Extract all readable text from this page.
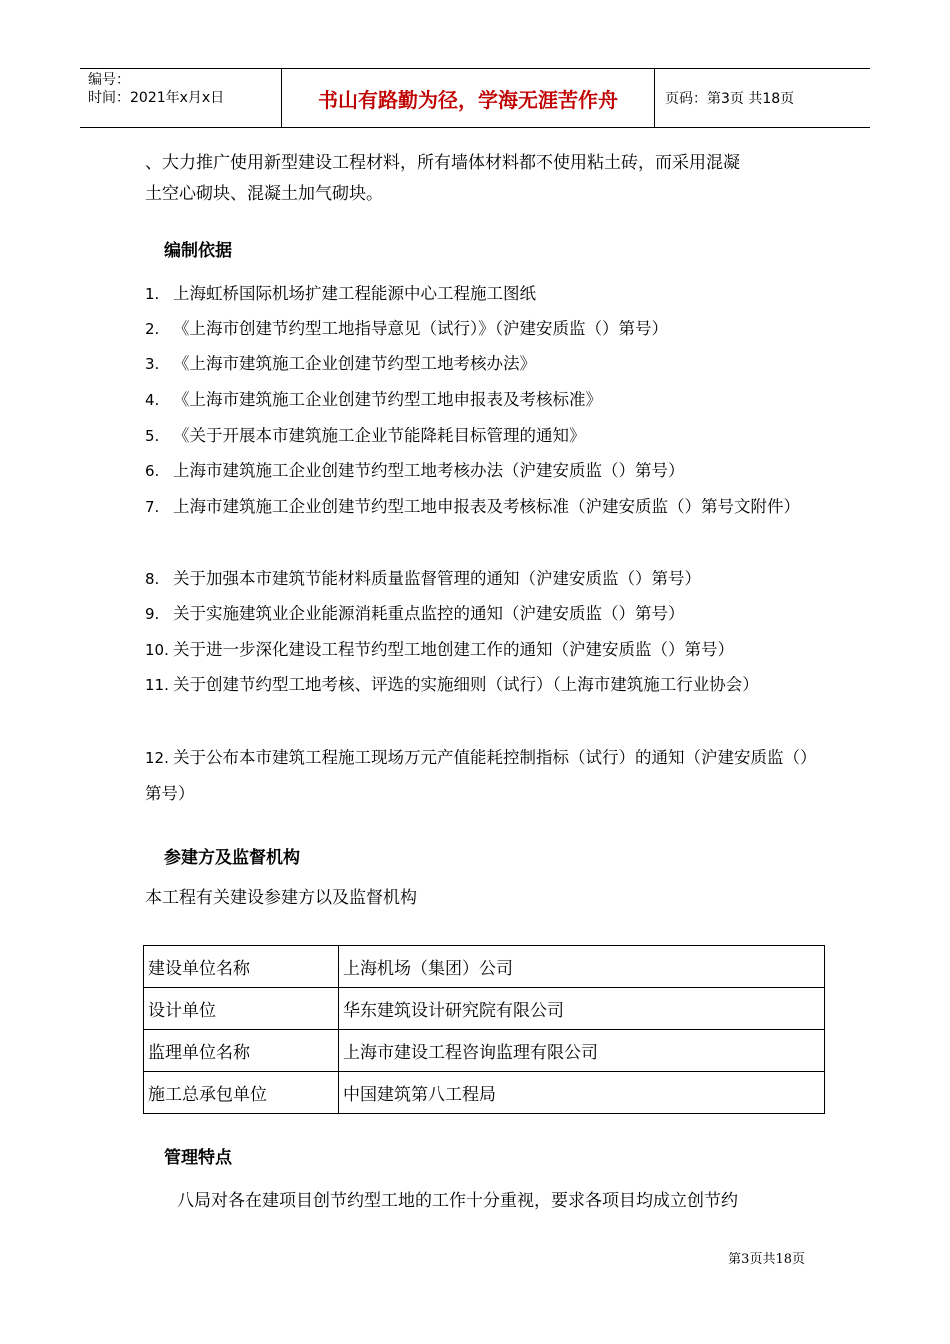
编号：
时间：2021年x月x日	书山有路勤为径，学海无涯苦作舟	页码：第3页 共18页
、大力推广使用新型建设工程材料，所有墙体材料都不使用粘土砖，而采用混凝
土空心砌块、混凝土加气砌块。
编制依据
1. 上海虹桥国际机场扩建工程能源中心工程施工图纸
2. 《上海市创建节约型工地指导意见（试行）》（沪建安质监（）第号）
3. 《上海市建筑施工企业创建节约型工地考核办法》
4. 《上海市建筑施工企业创建节约型工地申报表及考核标准》
5. 《关于开展本市建筑施工企业节能降耗目标管理的通知》
6. 上海市建筑施工企业创建节约型工地考核办法（沪建安质监（）第号）
7. 上海市建筑施工企业创建节约型工地申报表及考核标准（沪建安质监（）第号文附件）
8. 关于加强本市建筑节能材料质量监督管理的通知（沪建安质监（）第号）
9. 关于实施建筑业企业能源消耗重点监控的通知（沪建安质监（）第号）
10. 关于进一步深化建设工程节约型工地创建工作的通知（沪建安质监（）第号）
11. 关于创建节约型工地考核、评选的实施细则（试行）（上海市建筑施工行业协会）
12. 关于公布本市建筑工程施工现场万元产值能耗控制指标（试行）的通知（沪建安质监（）第号）
参建方及监督机构
本工程有关建设参建方以及监督机构
建设单位名称	上海机场（集团）公司
设计单位	华东建筑设计研究院有限公司
监理单位名称	上海市建设工程咨询监理有限公司
施工总承包单位	中国建筑第八工程局
管理特点
八局对各在建项目创节约型工地的工作十分重视，要求各项目均成立创节约
第3页共18页
